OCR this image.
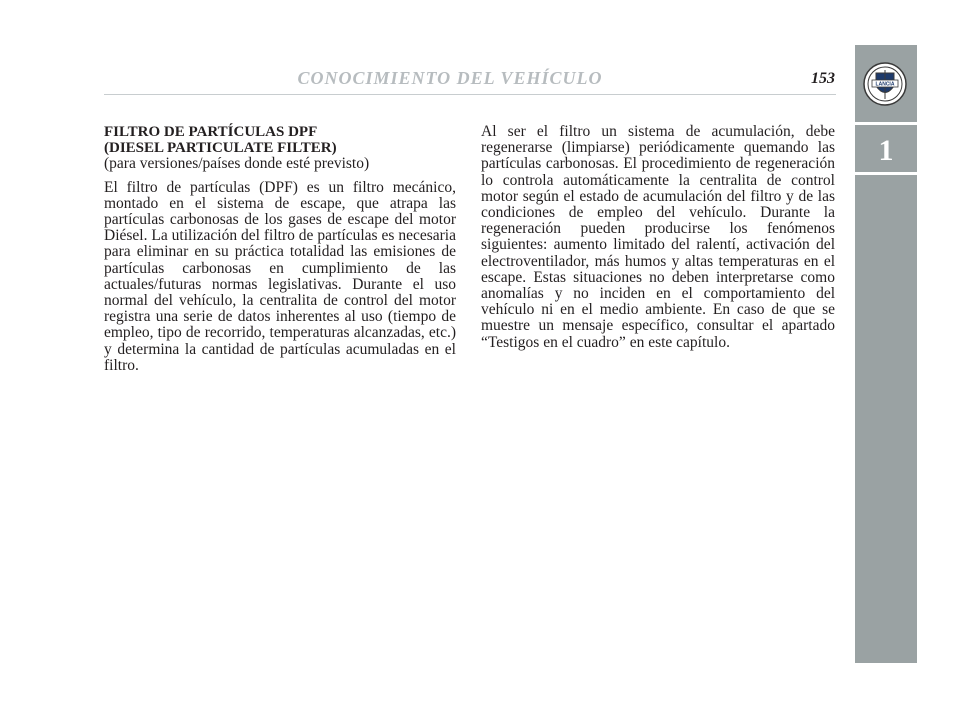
CONOCIMIENTO DEL VEHÍCULO	153

FILTRO DE PARTÍCULAS DPF
(DIESEL PARTICULATE FILTER)

(para versiones/países donde esté previsto)

El filtro de partículas (DPF) es un filtro mecánico, montado en el sistema de escape, que atrapa las partículas carbonosas de los gases de escape del motor Diésel. La utilización del filtro de partículas es necesaria para eliminar en su práctica totalidad las emisiones de partículas carbonosas en cumplimiento de las actuales/futuras normas legislativas. Durante el uso normal del vehículo, la centralita de control del motor registra una serie de datos inherentes al uso (tiempo de empleo, tipo de recorrido, temperaturas alcanzadas, etc.) y determina la cantidad de partículas acumuladas en el filtro.

Al ser el filtro un sistema de acumulación, debe regenerarse (limpiarse) periódicamente quemando las partículas carbonosas. El procedimiento de regeneración lo controla automáticamente la centralita de control motor según el estado de acumulación del filtro y de las condiciones de empleo del vehículo. Durante la regeneración pueden producirse los fenómenos siguientes: aumento limitado del ralentí, activación del electroventilador, más humos y altas temperaturas en el escape. Estas situaciones no deben interpretarse como anomalías y no inciden en el comportamiento del vehículo ni en el medio ambiente. En caso de que se muestre un mensaje específico, consultar el apartado “Testigos en el cuadro” en este capítulo.

LANCIA
1
